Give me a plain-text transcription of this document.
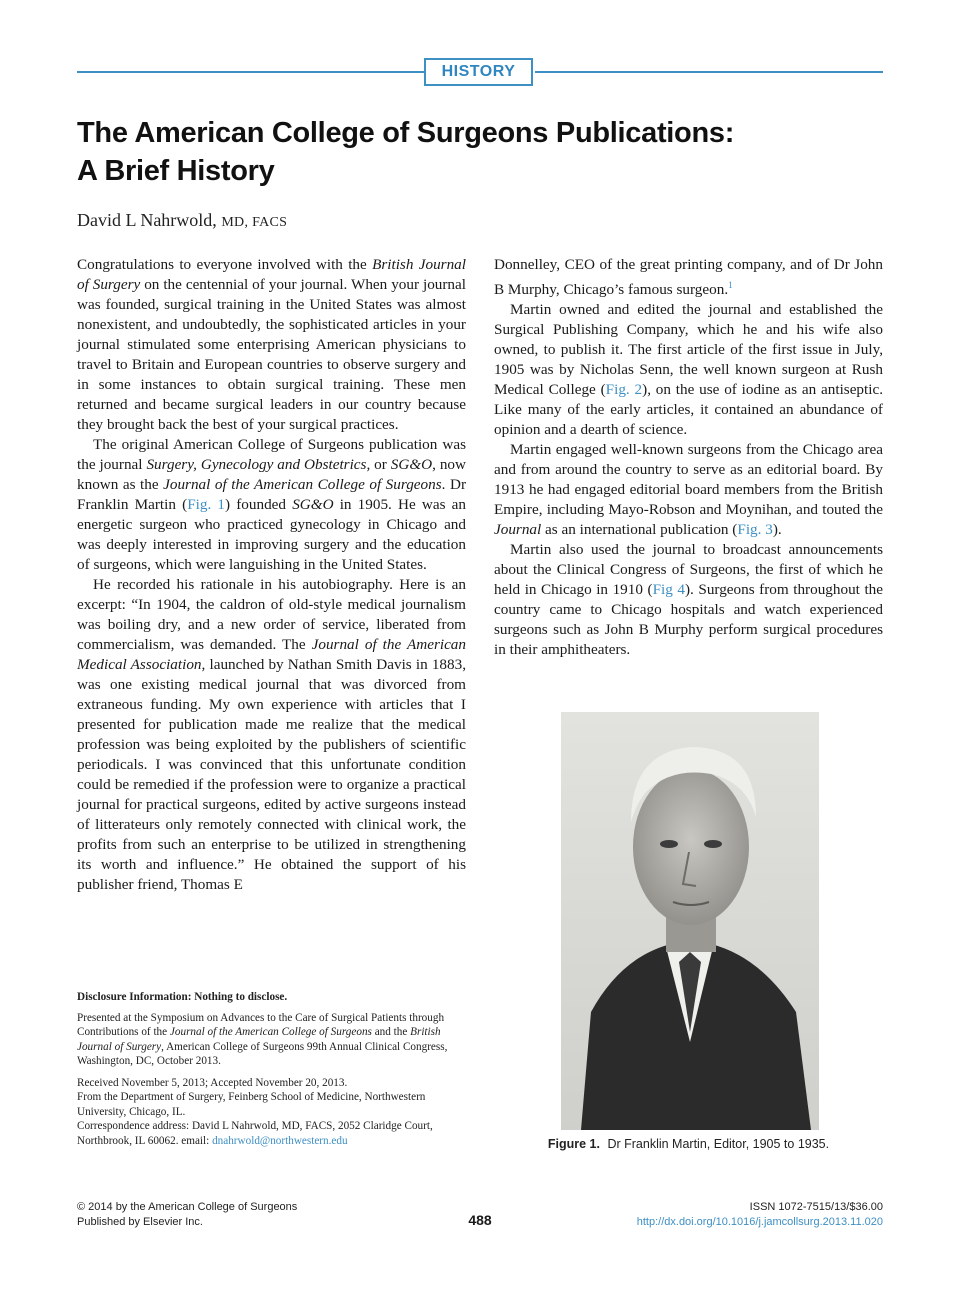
HISTORY
The American College of Surgeons Publications:
A Brief History
David L Nahrwold, MD, FACS

Congratulations to everyone involved with the British Journal of Surgery on the centennial of your journal. When your journal was founded, surgical training in the United States was almost nonexistent, and undoubtedly, the sophisticated articles in your journal stimulated some enterprising American physicians to travel to Britain and European countries to observe surgery and in some instances to obtain surgical training. These men returned and became surgical leaders in our country because they brought back the best of your surgical practices.

The original American College of Surgeons publication was the journal Surgery, Gynecology and Obstetrics, or SG&O, now known as the Journal of the American College of Surgeons. Dr Franklin Martin (Fig. 1) founded SG&O in 1905. He was an energetic surgeon who practiced gynecology in Chicago and was deeply interested in improving surgery and the education of surgeons, which were languishing in the United States.

He recorded his rationale in his autobiography. Here is an excerpt: “In 1904, the caldron of old-style medical journalism was boiling dry, and a new order of service, liberated from commercialism, was demanded. The Journal of the American Medical Association, launched by Nathan Smith Davis in 1883, was one existing medical journal that was divorced from extraneous funding. My own experience with articles that I presented for publication made me realize that the medical profession was being exploited by the publishers of scientific periodicals. I was convinced that this unfortunate condition could be remedied if the profession were to organize a practical journal for practical surgeons, edited by active surgeons instead of litterateurs only remotely connected with clinical work, the profits from such an enterprise to be utilized in strengthening its worth and influence.” He obtained the support of his publisher friend, Thomas E

Donnelley, CEO of the great printing company, and of Dr John B Murphy, Chicago’s famous surgeon.$^1$

Martin owned and edited the journal and established the Surgical Publishing Company, which he and his wife also owned, to publish it. The first article of the first issue in July, 1905 was by Nicholas Senn, the well known surgeon at Rush Medical College (Fig. 2), on the use of iodine as an antiseptic. Like many of the early articles, it contained an abundance of opinion and a dearth of science.

Martin engaged well-known surgeons from the Chicago area and from around the country to serve as an editorial board. By 1913 he had engaged editorial board members from the British Empire, including Mayo-Robson and Moynihan, and touted the Journal as an international publication (Fig. 3).

Martin also used the journal to broadcast announcements about the Clinical Congress of Surgeons, the first of which he held in Chicago in 1910 (Fig 4). Surgeons from throughout the country came to Chicago hospitals and watch experienced surgeons such as John B Murphy perform surgical procedures in their amphitheaters.

Disclosure Information: Nothing to disclose.

Presented at the Symposium on Advances to the Care of Surgical Patients through Contributions of the Journal of the American College of Surgeons and the British Journal of Surgery, American College of Surgeons 99th Annual Clinical Congress, Washington, DC, October 2013.

Received November 5, 2013; Accepted November 20, 2013.

From the Department of Surgery, Feinberg School of Medicine, Northwestern University, Chicago, IL.

Correspondence address: David L Nahrwold, MD, FACS, 2052 Claridge Court, Northbrook, IL 60062. email: dnahrwold@northwestern.edu	Figure 1. Dr Franklin Martin, Editor, 1905 to 1935.
© 2014 by the American College of Surgeons
Published by Elsevier Inc.	488
ISSN 1072-7515/13/$36.00
http://dx.doi.org/10.1016/j.jamcollsurg.2013.11.020
